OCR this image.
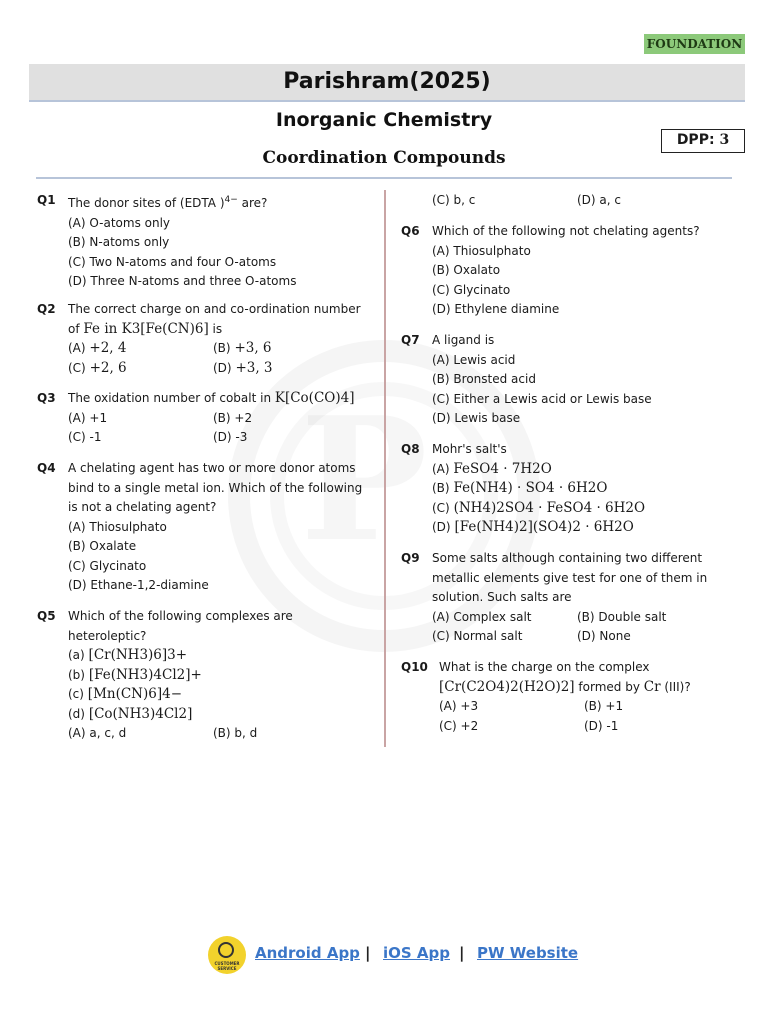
FOUNDATION
Parishram(2025)
Inorganic Chemistry
DPP: 3
Coordination Compounds
Q1 The donor sites of (EDTA )$^{4-}$ are?
(A) O-atoms only
(B) N-atoms only
(C) Two N-atoms and four O-atoms
(D) Three N-atoms and three O-atoms
Q2 The correct charge on and co-ordination number
of Fe in K3[Fe(CN)6] is
(A) +2, 4	(B) +3, 6
(C) +2, 6	(D) +3, 3
Q3 The oxidation number of cobalt in K[Co(CO)4]
(A) +1	(B) +2
(C) -1	(D) -3
Q4 A chelating agent has two or more donor atoms
bind to a single metal ion. Which of the following
is not a chelating agent?
(A) Thiosulphato
(B) Oxalate
(C) Glycinato
(D) Ethane-1,2-diamine
Q5 Which of the following complexes are
heteroleptic?
(a) [Cr(NH3)6]3+
(b) [Fe(NH3)4Cl2]+
(c) [Mn(CN)6]4−
(d) [Co(NH3)4Cl2]
(A) a, c, d	(B) b, d
(C) b, c	(D) a, c
Q6 Which of the following not chelating agents?
(A) Thiosulphato
(B) Oxalato
(C) Glycinato
(D) Ethylene diamine
Q7 A ligand is
(A) Lewis acid
(B) Bronsted acid
(C) Either a Lewis acid or Lewis base
(D) Lewis base
Q8 Mohr's salt's
(A) FeSO4 · 7H2O
(B) Fe(NH4) · SO4 · 6H2O
(C) (NH4)2SO4 · FeSO4 · 6H2O
(D) [Fe(NH4)2](SO4)2 · 6H2O
Q9 Some salts although containing two different
metallic elements give test for one of them in
solution. Such salts are
(A) Complex salt	(B) Double salt
(C) Normal salt	(D) None
Q10 What is the charge on the complex
[Cr(C2O4)2(H2O)2] formed by Cr (III)?
(A) +3	(B) +1
(C) +2	(D) -1
CUSTOMER SERVICE
Android App | iOS App | PW Website
